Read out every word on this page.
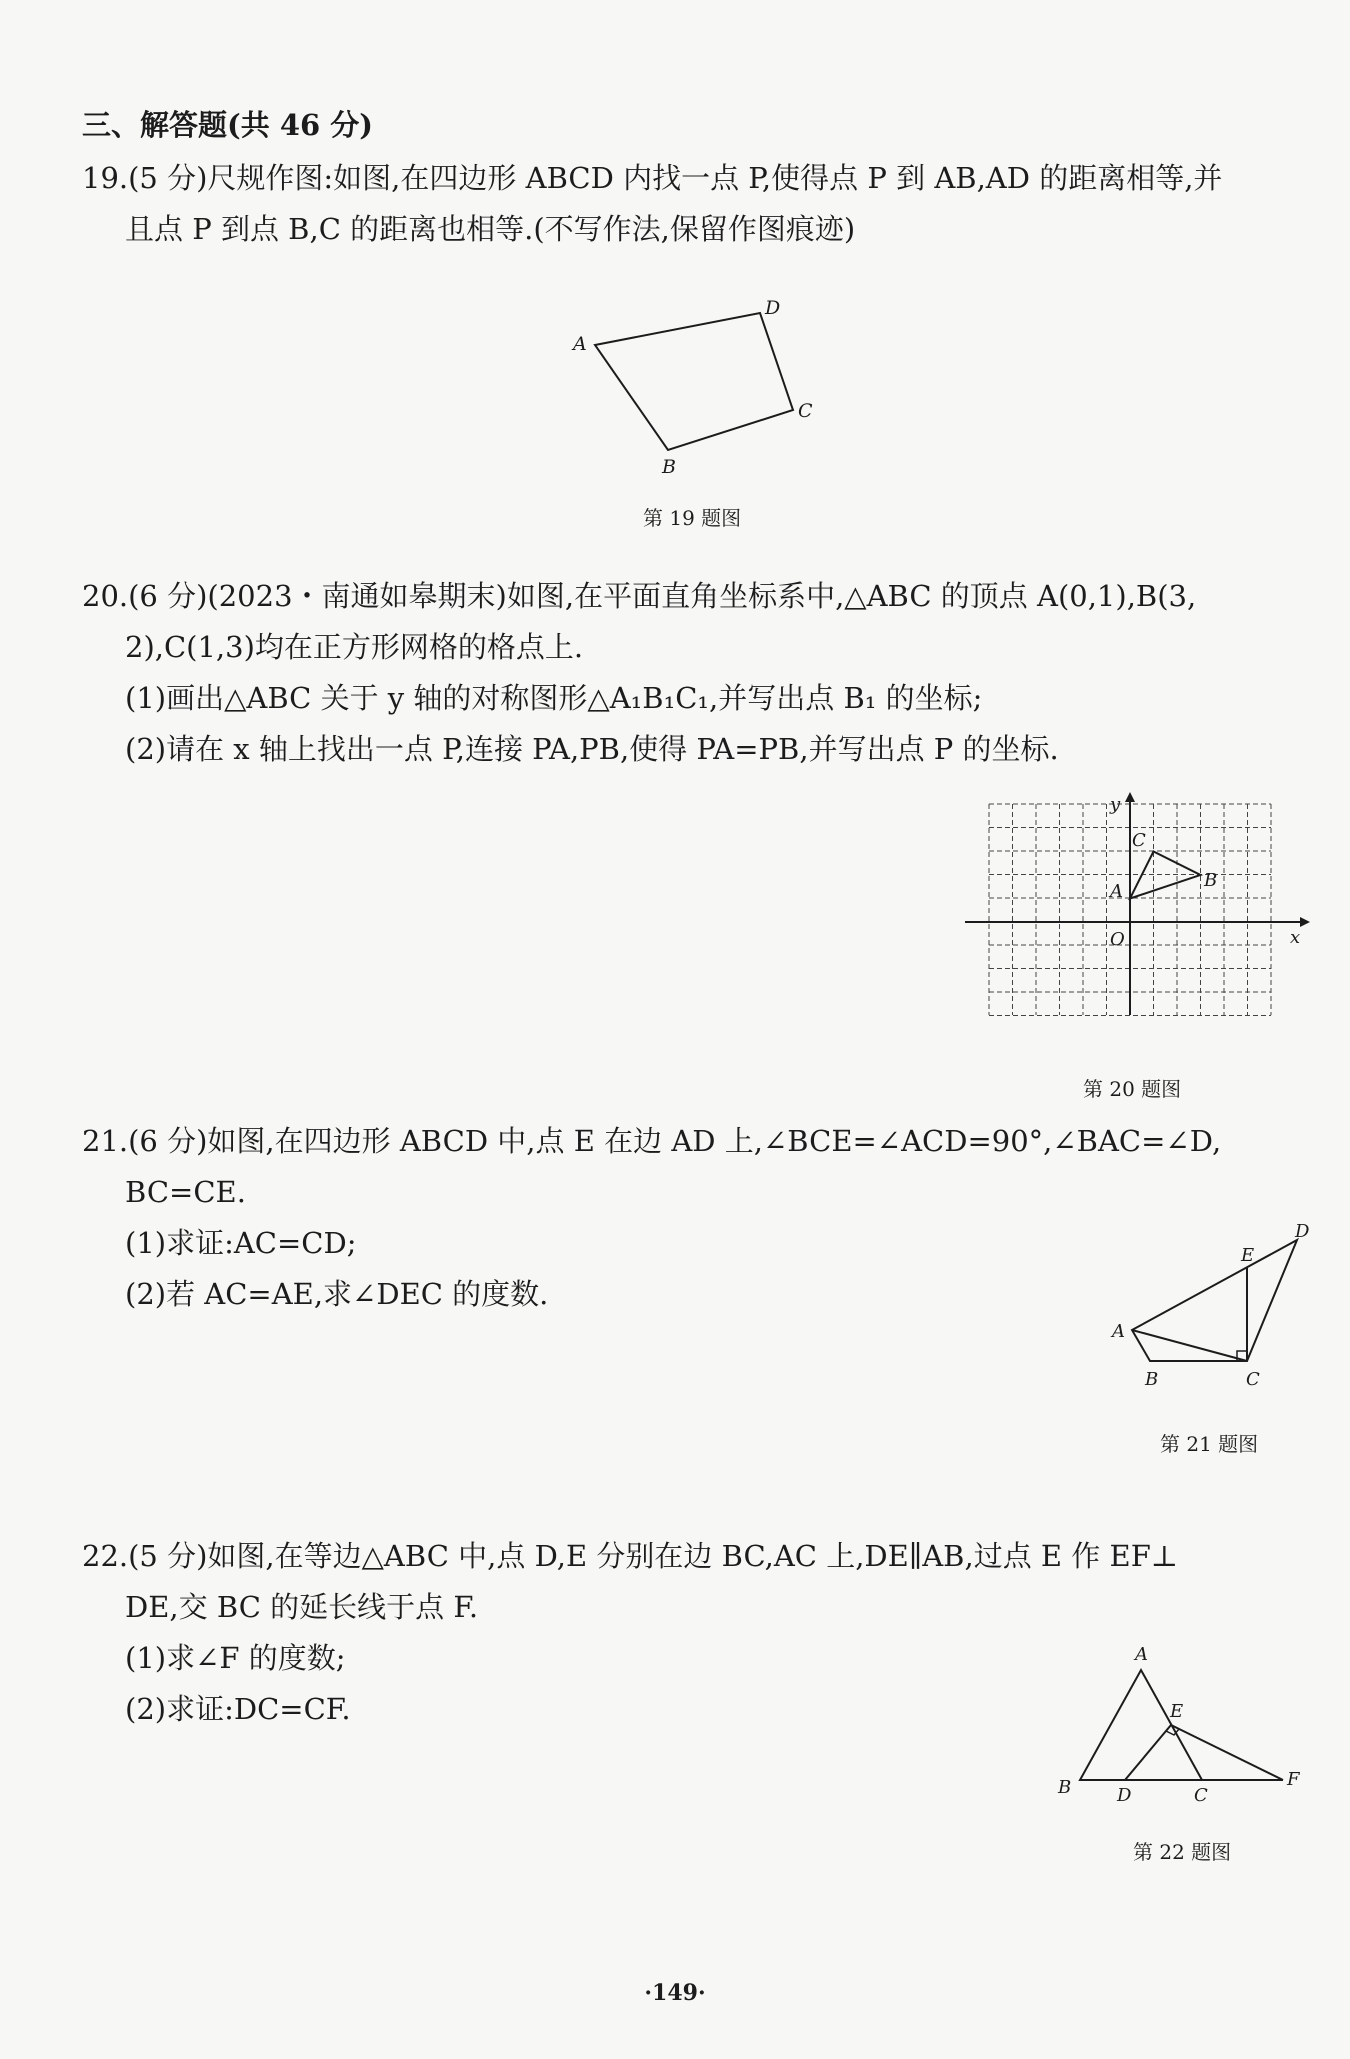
三、解答题(共 46 分)
19.(5 分)尺规作图:如图,在四边形 ABCD 内找一点 P,使得点 P 到 AB,AD 的距离相等,并
且点 P 到点 B,C 的距离也相等.(不写作法,保留作图痕迹)
A
D
C
B
第 19 题图
20.(6 分)(2023・南通如皋期末)如图,在平面直角坐标系中,△ABC 的顶点 A(0,1),B(3,
2),C(1,3)均在正方形网格的格点上.
(1)画出△ABC 关于 y 轴的对称图形△A₁B₁C₁,并写出点 B₁ 的坐标;
(2)请在 x 轴上找出一点 P,连接 PA,PB,使得 PA=PB,并写出点 P 的坐标.
y
x
O
A
B
C
第 20 题图
21.(6 分)如图,在四边形 ABCD 中,点 E 在边 AD 上,∠BCE=∠ACD=90°,∠BAC=∠D,
BC=CE.
(1)求证:AC=CD;
(2)若 AC=AE,求∠DEC 的度数.
D
E
A
B	C
第 21 题图
22.(5 分)如图,在等边△ABC 中,点 D,E 分别在边 BC,AC 上,DE∥AB,过点 E 作 EF⊥
DE,交 BC 的延长线于点 F.
(1)求∠F 的度数;
(2)求证:DC=CF.
A
E
B	D	C
F
第 22 题图
·149·
